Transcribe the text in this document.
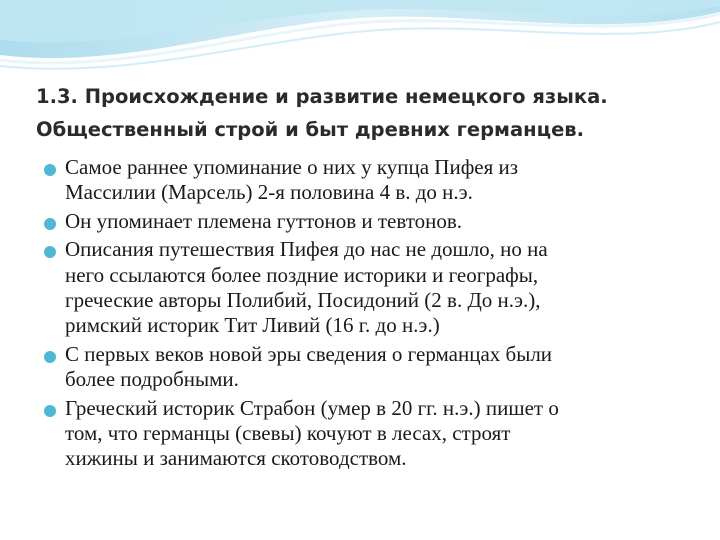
1.3. Происхождение и развитие немецкого языка.
Общественный строй и быт древних германцев.
Самое раннее упоминание о них у купца Пифея из
Массилии (Марсель) 2-я половина 4 в. до н.э.
Он упоминает племена гуттонов и тевтонов.
Описания путешествия Пифея до нас не дошло, но на
него ссылаются более поздние историки и географы,
греческие авторы Полибий, Посидоний (2 в. До н.э.),
римский историк Тит Ливий (16 г. до н.э.)
С первых веков новой эры сведения о германцах были
более подробными.
Греческий историк Страбон (умер в 20 гг. н.э.) пишет о
том, что германцы (свевы) кочуют в лесах, строят
хижины и занимаются скотоводством.
